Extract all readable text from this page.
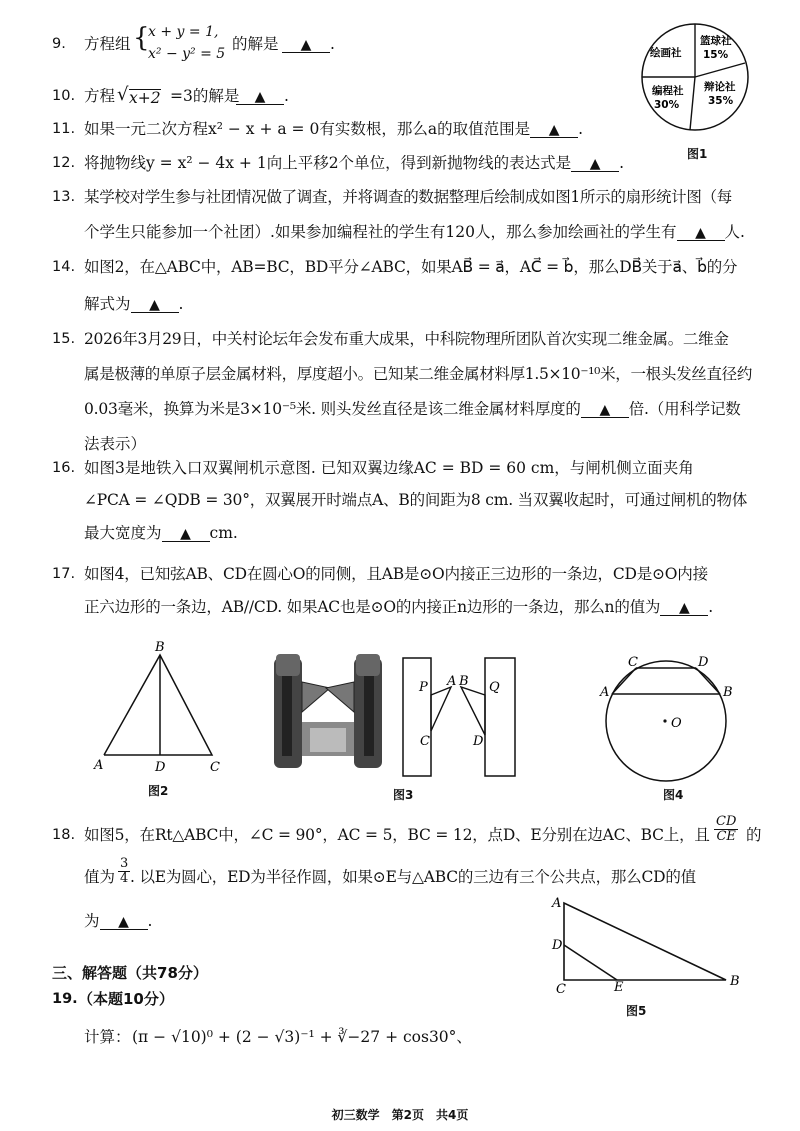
9. 方程组 {
x + y = 1,
x² − y² = 5
的解是	▲ .
10. 方程 √ x+2 =3的解是	▲ .
11. 如果一元二次方程x² − x + a = 0有实数根，那么a的取值范围是 ▲ .
12. 将抛物线y = x² − 4x + 1向上平移2个单位，得到新抛物线的表达式是 ▲ .
13. 某学校对学生参与社团情况做了调查，并将调查的数据整理后绘制成如图1所示的扇形统计图（每
个学生只能参加一个社团）.如果参加编程社的学生有120人，那么参加绘画社的学生有 ▲ 人.
14. 如图2，在△ABC中，AB=BC，BD平分∠ABC，如果AB⃗ = a⃗，AC⃗ = b⃗，那么DB⃗关于a⃗、b⃗的分
解式为 ▲ .
15. 2026年3月29日，中关村论坛年会发布重大成果，中科院物理所团队首次实现二维金属。二维金
属是极薄的单原子层金属材料，厚度超小。已知某二维金属材料厚1.5×10⁻¹⁰米，一根头发丝直径约
0.03毫米，换算为米是3×10⁻⁵米. 则头发丝直径是该二维金属材料厚度的 ▲ 倍.（用科学记数
法表示）
16. 如图3是地铁入口双翼闸机示意图. 已知双翼边缘AC = BD = 60 cm，与闸机侧立面夹角
∠PCA = ∠QDB = 30°，双翼展开时端点A、B的间距为8 cm. 当双翼收起时，可通过闸机的物体
最大宽度为 ▲ cm.
17. 如图4，已知弦AB、CD在圆心O的同侧，且AB是⊙O内接正三边形的一条边，CD是⊙O内接
正六边形的一条边，AB//CD. 如果AC也是⊙O的内接正n边形的一条边，那么n的值为 ▲ .
绘画社
篮球社
15%
辩论社
35%
编程社
30%
图1
B
A	D	C
图2
P A B Q
C	D
图3
C	D
A	B
O
图4
18. 如图5，在Rt△ABC中，∠C = 90°，AC = 5，BC = 12，点D、E分别在边AC、BC上，且 $\frac{CD}{CE}$ 的
值为 $\frac{3}{4}$ . 以E为圆心，ED为半径作圆，如果⊙E与△ABC的三边有三个公共点，那么CD的值
为 ▲ .
A
D
C	E	B
图5
三、解答题（共78分）
19. （本题10分）
计算： (π − √10)⁰ + (2 − √3)⁻¹ + ∛−27 + cos30°、
初三数学　第2页　共4页
